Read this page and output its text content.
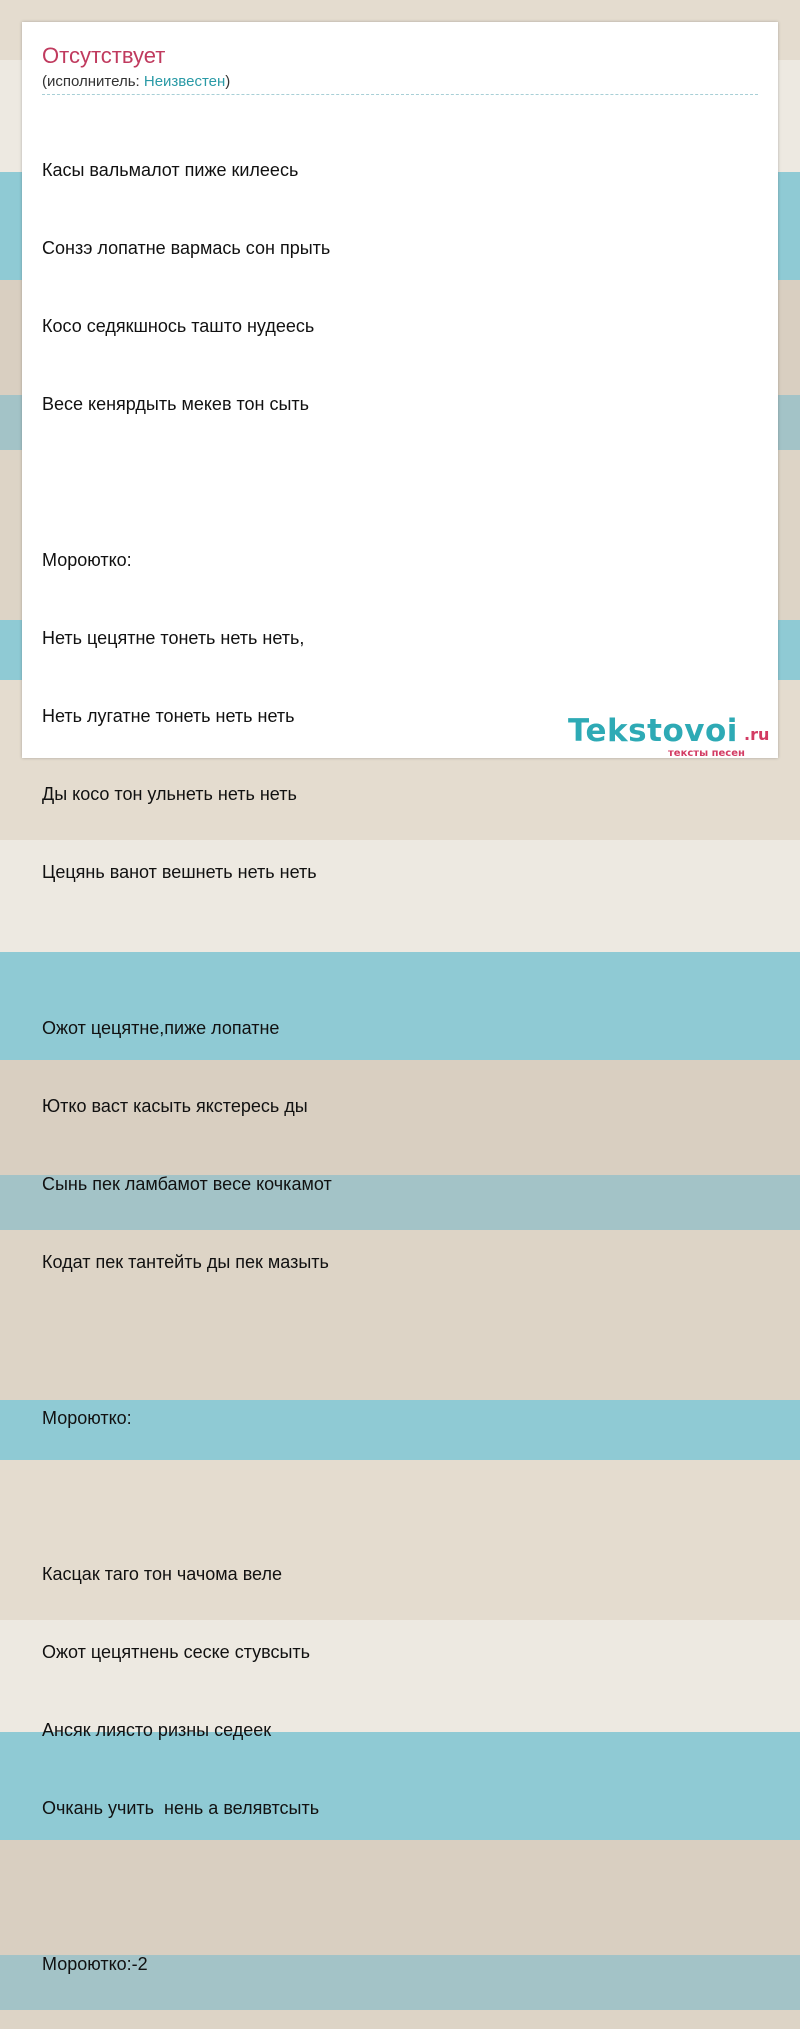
Отсутствует
(исполнитель: Неизвестен)

Касы вальмалот пиже килеесь

Сонзэ лопатне вармась сон прыть

Косо седякшнось таштo нудеесь

Весе кенярдыть мекев тон сыть

Мороютко:

Неть цецятне тонеть неть неть,

Неть лугатне тонеть неть неть

Ды косо тон ульнеть неть неть

Цецянь ванот вешнеть неть неть

Ожот цецятне,пиже лопатне

Ютко васт касыть якстересь ды

Сынь пек ламбамот весе кочкамот

Кодат пек тантейть ды пек мазыть

Мороютко:

Касцак таго тон чачома веле

Ожот цецятнень сеске стувсыть

Ансяк лиясто ризны седеек

Очкань учить  нень а велявтсыть

Мороютко:-2

Tekstovoi .ru
тексты песен
